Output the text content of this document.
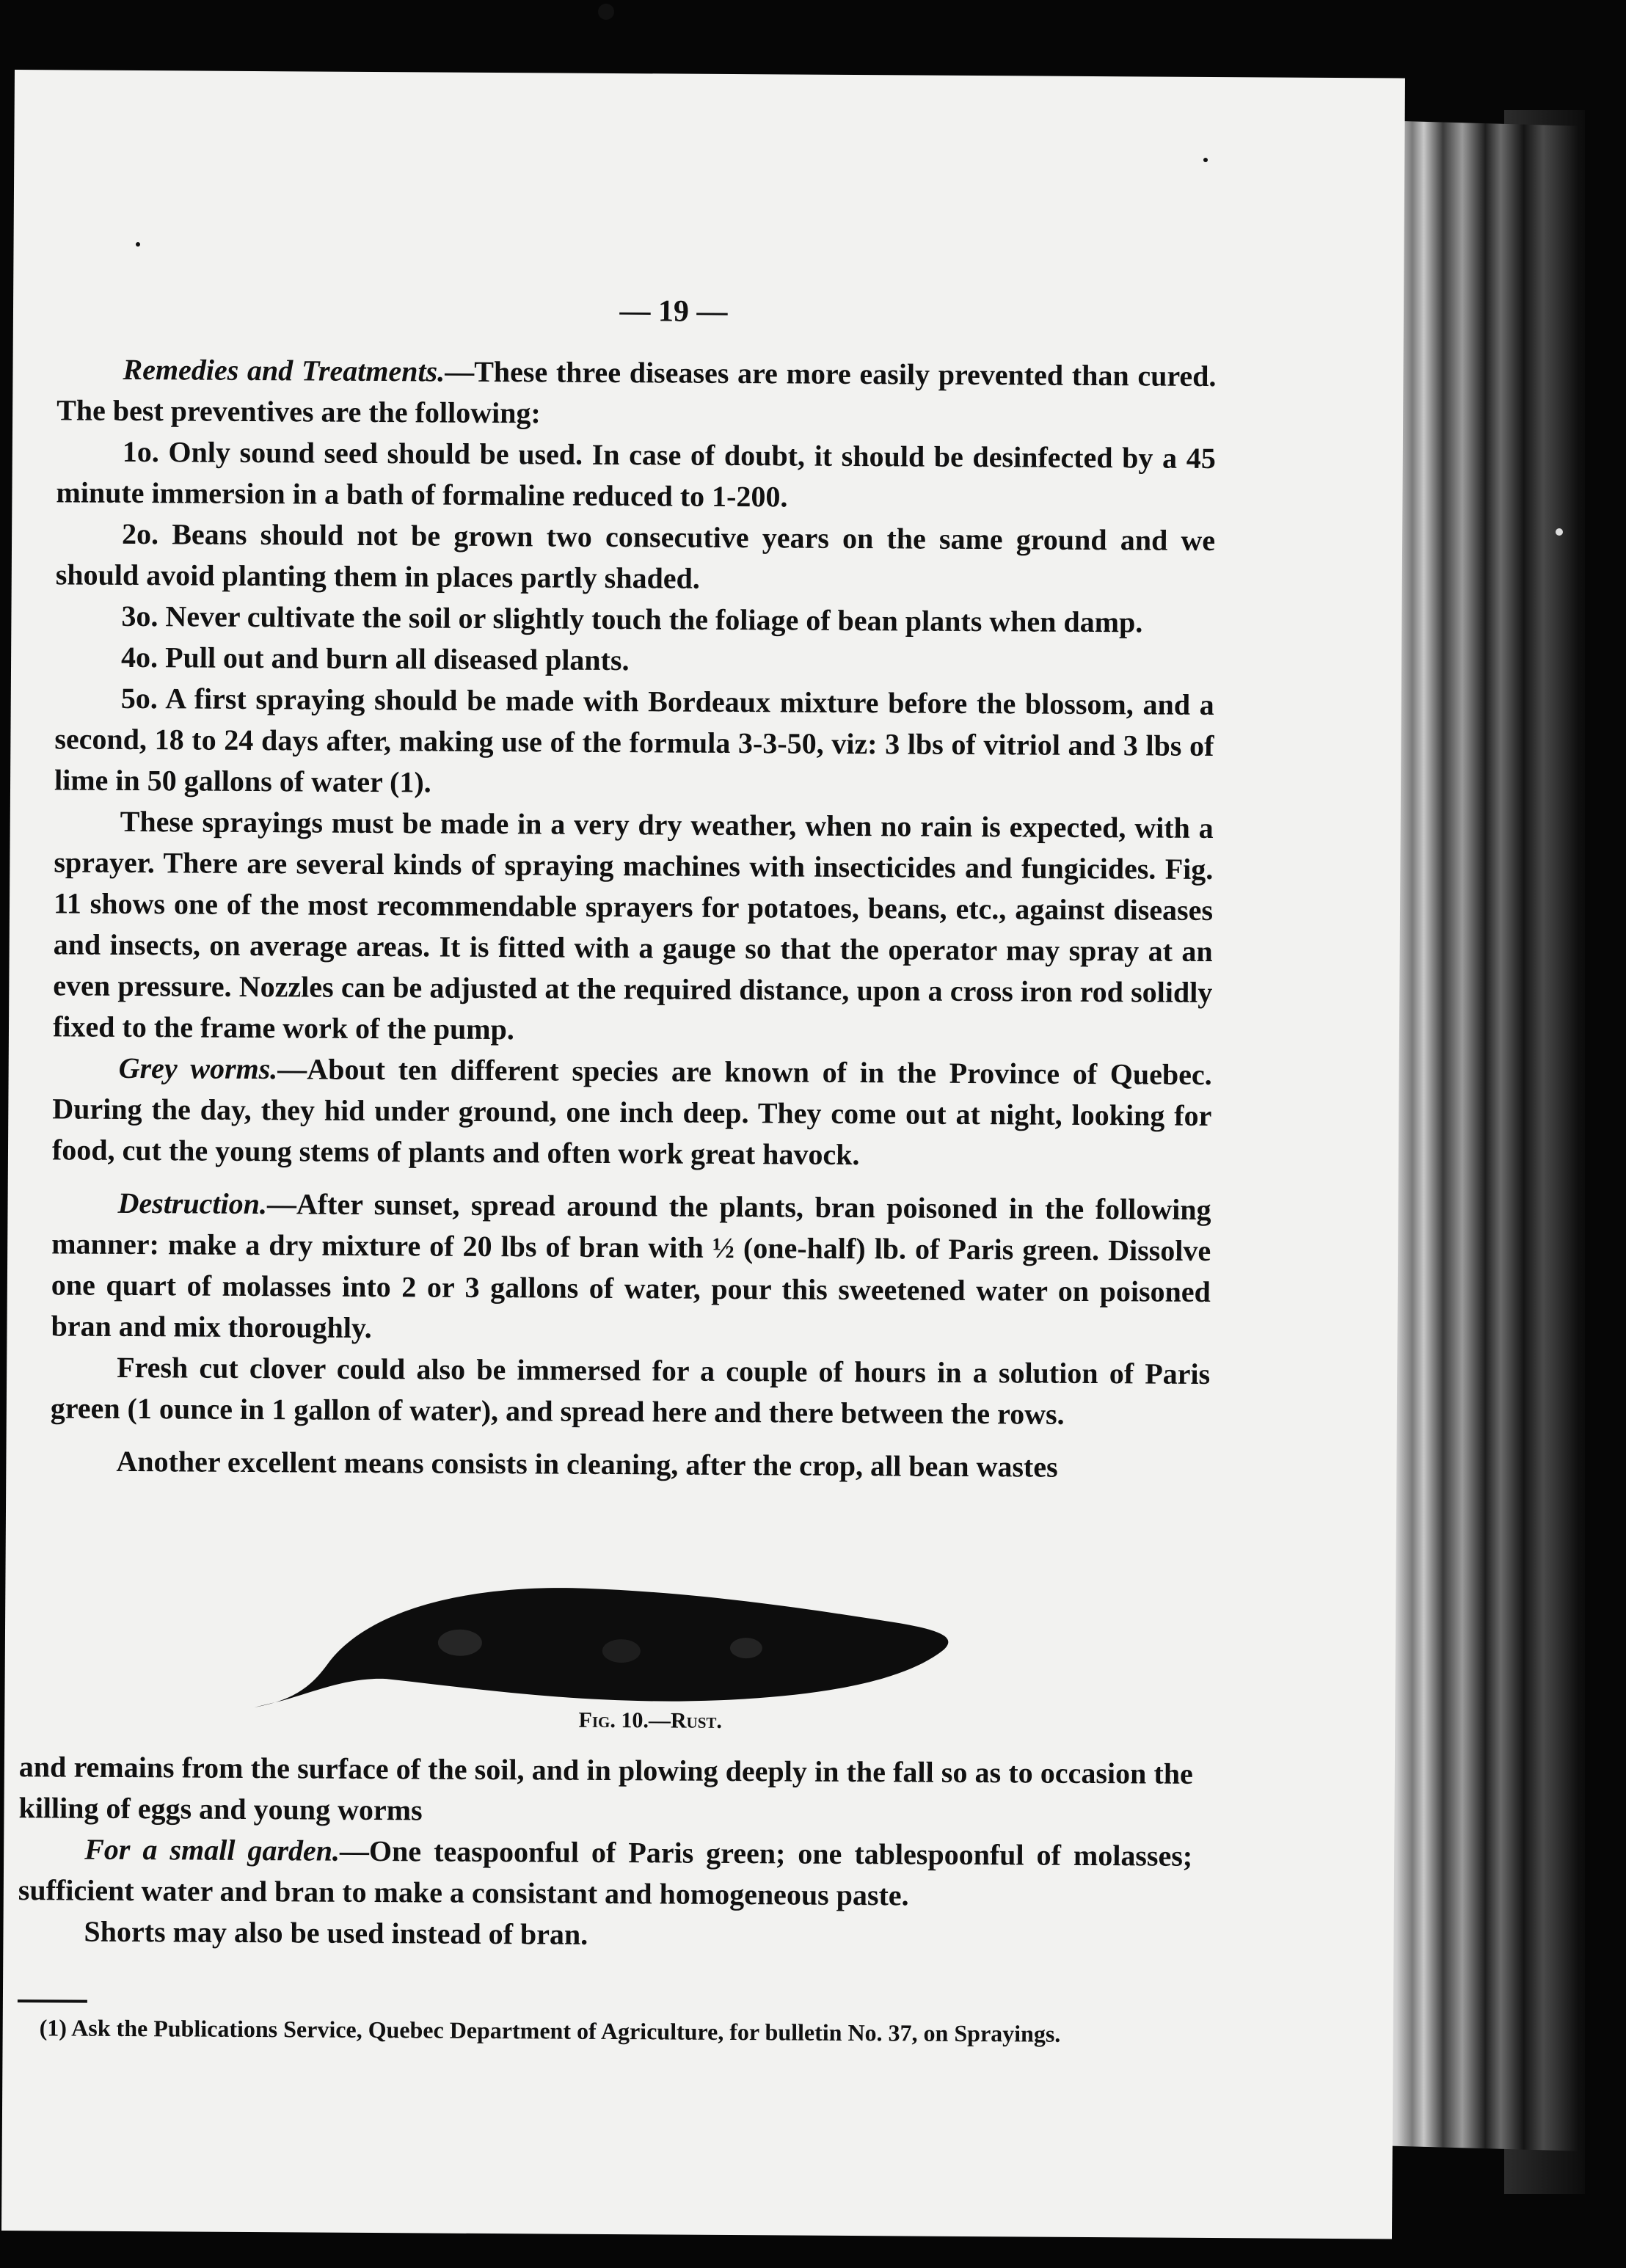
— 19 —

Remedies and Treatments.—These three diseases are more easily prevented than cured. The best preventives are the following:

1o. Only sound seed should be used. In case of doubt, it should be desinfected by a 45 minute immersion in a bath of formaline reduced to 1-200.

2o. Beans should not be grown two consecutive years on the same ground and we should avoid planting them in places partly shaded.

3o. Never cultivate the soil or slightly touch the foliage of bean plants when damp.

4o. Pull out and burn all diseased plants.

5o. A first spraying should be made with Bordeaux mixture before the blossom, and a second, 18 to 24 days after, making use of the formula 3-3-50, viz: 3 lbs of vitriol and 3 lbs of lime in 50 gallons of water (1).

These sprayings must be made in a very dry weather, when no rain is expected, with a sprayer. There are several kinds of spraying machines with insecticides and fungicides. Fig. 11 shows one of the most recommendable sprayers for potatoes, beans, etc., against diseases and insects, on average areas. It is fitted with a gauge so that the operator may spray at an even pressure. Nozzles can be adjusted at the required distance, upon a cross iron rod solidly fixed to the frame work of the pump.

Grey worms.—About ten different species are known of in the Province of Quebec. During the day, they hid under ground, one inch deep. They come out at night, looking for food, cut the young stems of plants and often work great havock.

Destruction.—After sunset, spread around the plants, bran poisoned in the following manner: make a dry mixture of 20 lbs of bran with ½ (one-half) lb. of Paris green. Dissolve one quart of molasses into 2 or 3 gallons of water, pour this sweetened water on poisoned bran and mix thoroughly.

Fresh cut clover could also be immersed for a couple of hours in a solution of Paris green (1 ounce in 1 gallon of water), and spread here and there between the rows.

Another excellent means consists in cleaning, after the crop, all bean wastes

Fig. 10.—Rust.

and remains from the surface of the soil, and in plowing deeply in the fall so as to occasion the killing of eggs and young worms

For a small garden.—One teaspoonful of Paris green; one tablespoonful of molasses; sufficient water and bran to make a consistant and homogeneous paste.

Shorts may also be used instead of bran.

(1) Ask the Publications Service, Quebec Department of Agriculture, for bulletin No. 37, on Sprayings.
